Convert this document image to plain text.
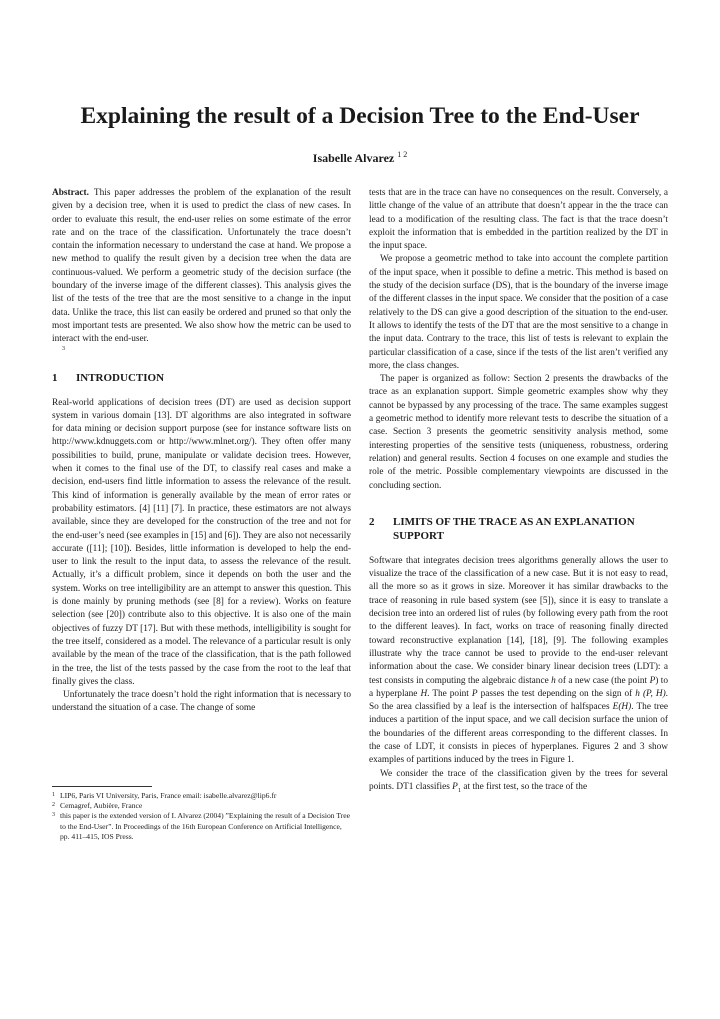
Explaining the result of a Decision Tree to the End-User
Isabelle Alvarez $^{1 2}$

Abstract. This paper addresses the problem of the explanation of the result given by a decision tree, when it is used to predict the class of new cases. In order to evaluate this result, the end-user relies on some estimate of the error rate and on the trace of the classification. Unfortunately the trace doesn’t contain the information necessary to understand the case at hand. We propose a new method to qualify the result given by a decision tree when the data are continuous-valued. We perform a geometric study of the decision surface (the boundary of the inverse image of the different classes). This analysis gives the list of the tests of the tree that are the most sensitive to a change in the input data. Unlike the trace, this list can easily be ordered and pruned so that only the most important tests are presented. We also show how the metric can be used to interact with the end-user.

3
1	INTRODUCTION

Real-world applications of decision trees (DT) are used as decision support system in various domain [13]. DT algorithms are also integrated in software for data mining or decision support purpose (see for instance software lists on http://www.kdnuggets.com or http://www.mlnet.org/). They often offer many possibilities to build, prune, manipulate or validate decision trees. However, when it comes to the final use of the DT, to classify real cases and make a decision, end-users find little information to assess the relevance of the result. This kind of information is generally available by the mean of error rates or probability estimators. [4] [11] [7]. In practice, these estimators are not always available, since they are developed for the construction of the tree and not for the end-user’s need (see examples in [15] and [6]). They are also not necessarily accurate ([11]; [10]). Besides, little information is developed to help the end-user to link the result to the input data, to assess the relevance of the result. Actually, it’s a difficult problem, since it depends on both the user and the system. Works on tree intelligibility are an attempt to answer this question. This is done mainly by pruning methods (see [8] for a review). Works on feature selection (see [20]) contribute also to this objective. It is also one of the main objectives of fuzzy DT [17]. But with these methods, intelligibility is sought for the tree itself, considered as a model. The relevance of a particular result is only available by the mean of the trace of the classification, that is the path followed in the tree, the list of the tests passed by the case from the root to the leaf that finally gives the class.

Unfortunately the trace doesn’t hold the right information that is necessary to understand the situation of a case. The change of some

tests that are in the trace can have no consequences on the result. Conversely, a little change of the value of an attribute that doesn’t appear in the the trace can lead to a modification of the resulting class. The fact is that the trace doesn’t exploit the information that is embedded in the partition realized by the DT in the input space.

We propose a geometric method to take into account the complete partition of the input space, when it possible to define a metric. This method is based on the study of the decision surface (DS), that is the boundary of the inverse image of the different classes in the input space. We consider that the position of a case relatively to the DS can give a good description of the situation to the end-user. It allows to identify the tests of the DT that are the most sensitive to a change in the input data. Contrary to the trace, this list of tests is relevant to explain the particular classification of a case, since if the tests of the list aren’t verified any more, the class changes.

The paper is organized as follow: Section 2 presents the drawbacks of the trace as an explanation support. Simple geometric examples show why they cannot be bypassed by any processing of the trace. The same examples suggest a geometric method to identify more relevant tests to describe the situation of a case. Section 3 presents the geometric sensitivity analysis method, some interesting properties of the sensitive tests (uniqueness, robustness, ordering relation) and general results. Section 4 focuses on one example and studies the role of the metric. Possible complementary viewpoints are discussed in the concluding section.

2	LIMITS OF THE TRACE AS AN EXPLANATION SUPPORT

Software that integrates decision trees algorithms generally allows the user to visualize the trace of the classification of a new case. But it is not easy to read, all the more so as it grows in size. Moreover it has similar drawbacks to the trace of reasoning in rule based system (see [5]), since it is easy to translate a decision tree into an ordered list of rules (by following every path from the root to the different leaves). In fact, works on trace of reasoning finally directed toward reconstructive explanation [14], [18], [9]. The following examples illustrate why the trace cannot be used to provide to the end-user relevant information about the case. We consider binary linear decision trees (LDT): a test consists in computing the algebraic distance h of a new case (the point P) to a hyperplane H. The point P passes the test depending on the sign of h (P, H). So the area classified by a leaf is the intersection of halfspaces E(H). The tree induces a partition of the input space, and we call decision surface the union of the boundaries of the different areas corresponding to the different classes. In the case of LDT, it consists in pieces of hyperplanes. Figures 2 and 3 show examples of partitions induced by the trees in Figure 1.

We consider the trace of the classification given by the trees for several points. DT1 classifies $P_1$ at the first test, so the trace of the

1 LIP6, Paris VI University, Paris, France email: isabelle.alvarez@lip6.fr

2 Cemagref, Aubière, France

3 this paper is the extended version of I. Alvarez (2004) ”Explaining the result of a Decision Tree to the End-User”. In Proceedings of the 16th European Conference on Artificial Intelligence, pp. 411–415, IOS Press.
